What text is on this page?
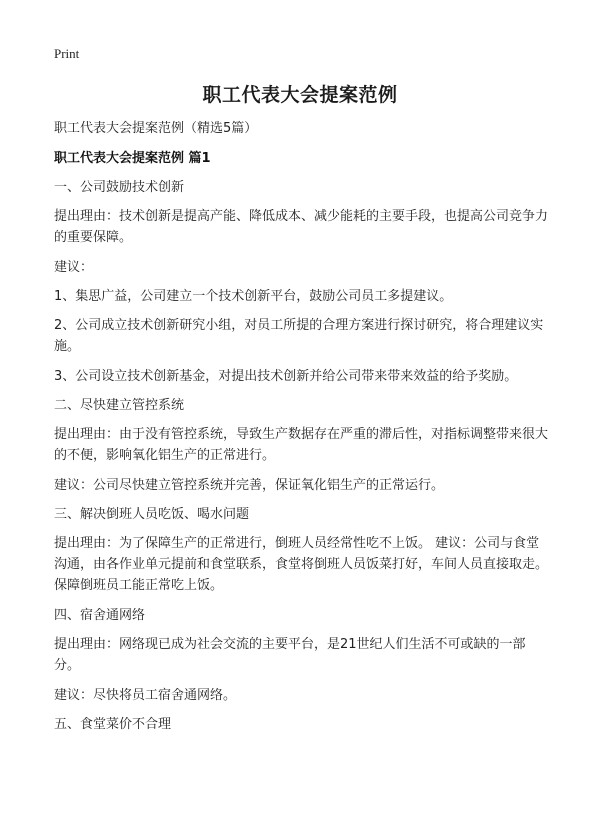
Print
职工代表大会提案范例
职工代表大会提案范例（精选5篇）
职工代表大会提案范例 篇1
一、公司鼓励技术创新
提出理由：技术创新是提高产能、降低成本、减少能耗的主要手段，也提高公司竞争力的重要保障。
建议：
1、集思广益，公司建立一个技术创新平台，鼓励公司员工多提建议。
2、公司成立技术创新研究小组，对员工所提的合理方案进行探讨研究，将合理建议实施。
3、公司设立技术创新基金，对提出技术创新并给公司带来带来效益的给予奖励。
二、尽快建立管控系统
提出理由：由于没有管控系统，导致生产数据存在严重的滞后性，对指标调整带来很大的不便，影响氧化铝生产的正常进行。
建议：公司尽快建立管控系统并完善，保证氧化铝生产的正常运行。
三、解决倒班人员吃饭、喝水问题
提出理由：为了保障生产的正常进行，倒班人员经常性吃不上饭。 建议：公司与食堂沟通，由各作业单元提前和食堂联系，食堂将倒班人员饭菜打好，车间人员直接取走。保障倒班员工能正常吃上饭。
四、宿舍通网络
提出理由：网络现已成为社会交流的主要平台，是21世纪人们生活不可或缺的一部分。
建议：尽快将员工宿舍通网络。
五、食堂菜价不合理
